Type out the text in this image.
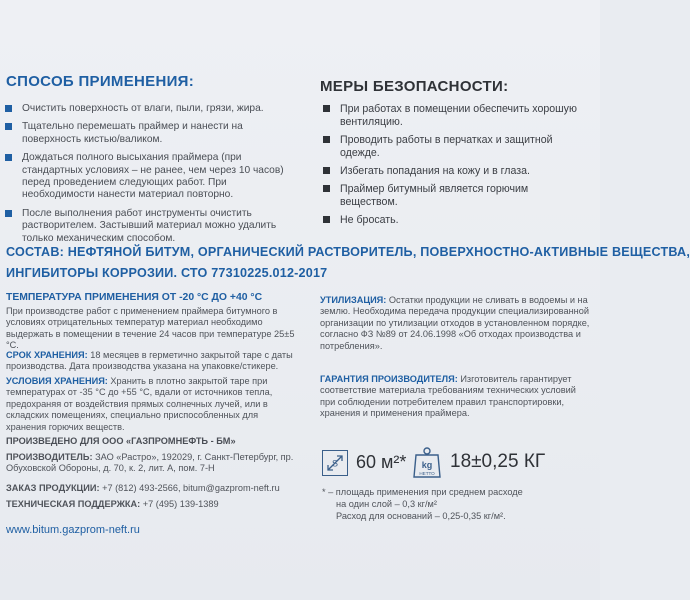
СПОСОБ ПРИМЕНЕНИЯ:
Очистить поверхность от влаги, пыли, грязи, жира.
Тщательно перемешать праймер и нанести на поверхность кистью/валиком.
Дождаться полного высыхания праймера (при стандартных условиях – не ранее, чем через 10 часов) перед проведением следующих работ. При необходимости нанести материал повторно.
После выполнения работ инструменты очистить растворителем. Застывший материал можно удалить только механическим способом.
МЕРЫ БЕЗОПАСНОСТИ:
При работах в помещении обеспечить хорошую вентиляцию.
Проводить работы в перчатках и защитной одежде.
Избегать попадания на кожу и в глаза.
Праймер битумный является горючим веществом.
Не бросать.
СОСТАВ: НЕФТЯНОЙ БИТУМ, ОРГАНИЧЕСКИЙ РАСТВОРИТЕЛЬ, ПОВЕРХНОСТНО-АКТИВНЫЕ ВЕЩЕСТВА,
ИНГИБИТОРЫ КОРРОЗИИ. СТО 77310225.012-2017
ТЕМПЕРАТУРА ПРИМЕНЕНИЯ ОТ -20 °С ДО +40 °С
При производстве работ с применением праймера битумного в условиях отрицательных температур материал необходимо выдержать в помещении в течение 24 часов при температуре 25±5 °С.
СРОК ХРАНЕНИЯ: 18 месяцев в герметично закрытой таре с даты производства. Дата производства указана на упаковке/стикере.
УСЛОВИЯ ХРАНЕНИЯ: Хранить в плотно закрытой таре при температурах от -35 °С до +55 °С, вдали от источников тепла, предохраняя от воздействия прямых солнечных лучей, или в складских помещениях, специально приспособленных для хранения горючих веществ.
ПРОИЗВЕДЕНО ДЛЯ ООО «ГАЗПРОМНЕФТЬ - БМ»
ПРОИЗВОДИТЕЛЬ: ЗАО «Растро», 192029, г. Санкт-Петербург, пр. Обуховской Обороны, д. 70, к. 2, лит. А, пом. 7-Н
ЗАКАЗ ПРОДУКЦИИ: +7 (812) 493-2566, bitum@gazprom-neft.ru
ТЕХНИЧЕСКАЯ ПОДДЕРЖКА: +7 (495) 139-1389
www.bitum.gazprom-neft.ru
УТИЛИЗАЦИЯ: Остатки продукции не сливать в водоемы и на землю. Необходима передача продукции специализированной организации по утилизации отходов в установленном порядке, согласно ФЗ №89 от 24.06.1998 «Об отходах производства и потребления».
ГАРАНТИЯ ПРОИЗВОДИТЕЛЯ: Изготовитель гарантирует соответствие материала требованиям технических условий при соблюдении потребителем правил транспортировки, хранения и применения праймера.
S 60 м²* kg
НЕТТО
18±0,25 КГ
* – площадь применения при среднем расходе
на один слой – 0,3 кг/м²
Расход для оснований – 0,25-0,35 кг/м².
